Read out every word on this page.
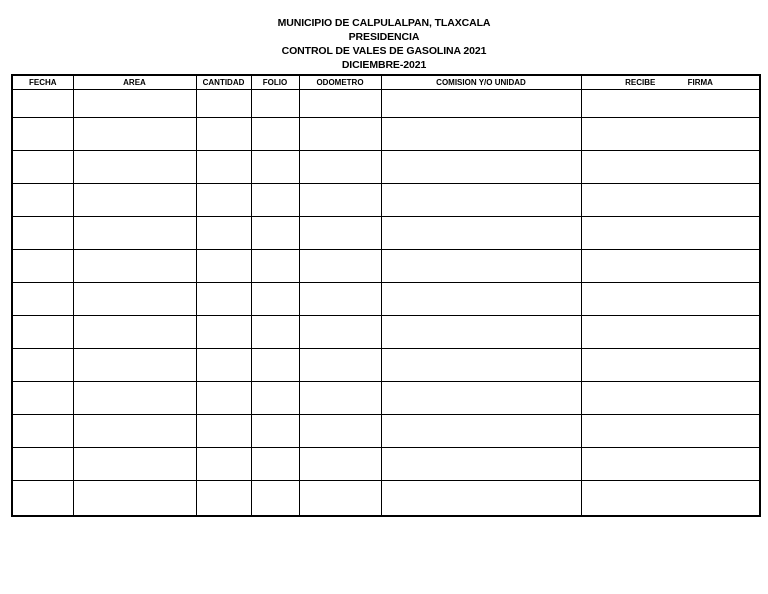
MUNICIPIO DE CALPULALPAN, TLAXCALA
PRESIDENCIA
CONTROL DE VALES DE GASOLINA 2021
DICIEMBRE-2021
FECHA	AREA	CANTIDAD	FOLIO	ODOMETRO	COMISION Y/O UNIDAD	RECIBE FIRMA
